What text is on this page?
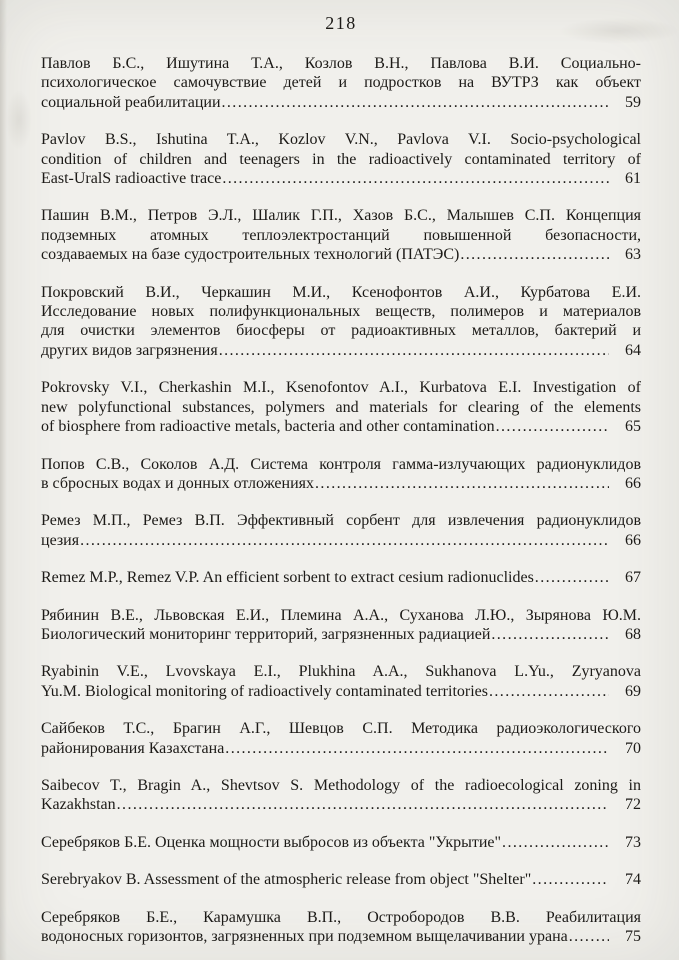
218
Павлов Б.С., Ишутина Т.А., Козлов В.Н., Павлова В.И. Социально-
психологическое самочувствие детей и подростков на ВУТРЗ как объект
социальной реабилитации .....	59
Pavlov B.S., Ishutina T.A., Kozlov V.N., Pavlova V.I. Socio-psychological
condition of children and teenagers in the radioactively contaminated territory of
East-UralS radioactive trace .....	61
Пашин В.М., Петров Э.Л., Шалик Г.П., Хазов Б.С., Малышев С.П. Концепция
подземных атомных теплоэлектростанций повышенной безопасности,
создаваемых на базе судостроительных технологий (ПАТЭС) .....	63
Покровский В.И., Черкашин М.И., Ксенофонтов А.И., Курбатова Е.И.
Исследование новых полифункциональных веществ, полимеров и материалов
для очистки элементов биосферы от радиоактивных металлов, бактерий и
других видов загрязнения .....	64
Pokrovsky V.I., Cherkashin M.I., Ksenofontov A.I., Kurbatova E.I. Investigation of
new polyfunctional substances, polymers and materials for clearing of the elements
of biosphere from radioactive metals, bacteria and other contamination .....	65
Попов С.В., Соколов А.Д. Система контроля гамма-излучающих радионуклидов
в сбросных водах и донных отложениях .....	66
Ремез М.П., Ремез В.П. Эффективный сорбент для извлечения радионуклидов
цезия .....	66
Remez M.P., Remez V.P. An efficient sorbent to extract cesium radionuclides .....	67
Рябинин В.Е., Львовская Е.И., Племина А.А., Суханова Л.Ю., Зырянова Ю.М.
Биологический мониторинг территорий, загрязненных радиацией .....	68
Ryabinin V.E., Lvovskaya E.I., Plukhina A.A., Sukhanova L.Yu., Zyryanova
Yu.M. Biological monitoring of radioactively contaminated territories .....	69
Сайбеков Т.С., Брагин А.Г., Шевцов С.П. Методика радиоэкологического
районирования Казахстана .....	70
Saibecov T., Bragin A., Shevtsov S. Methodology of the radioecological zoning in
Kazakhstan .....	72
Серебряков Б.Е. Оценка мощности выбросов из объекта "Укрытие" .....	73
Serebryakov B. Assessment of the atmospheric release from object "Shelter" .....	74
Серебряков Б.Е., Карамушка В.П., Остробородов В.В. Реабилитация
водоносных горизонтов, загрязненных при подземном выщелачивании урана .....	75
